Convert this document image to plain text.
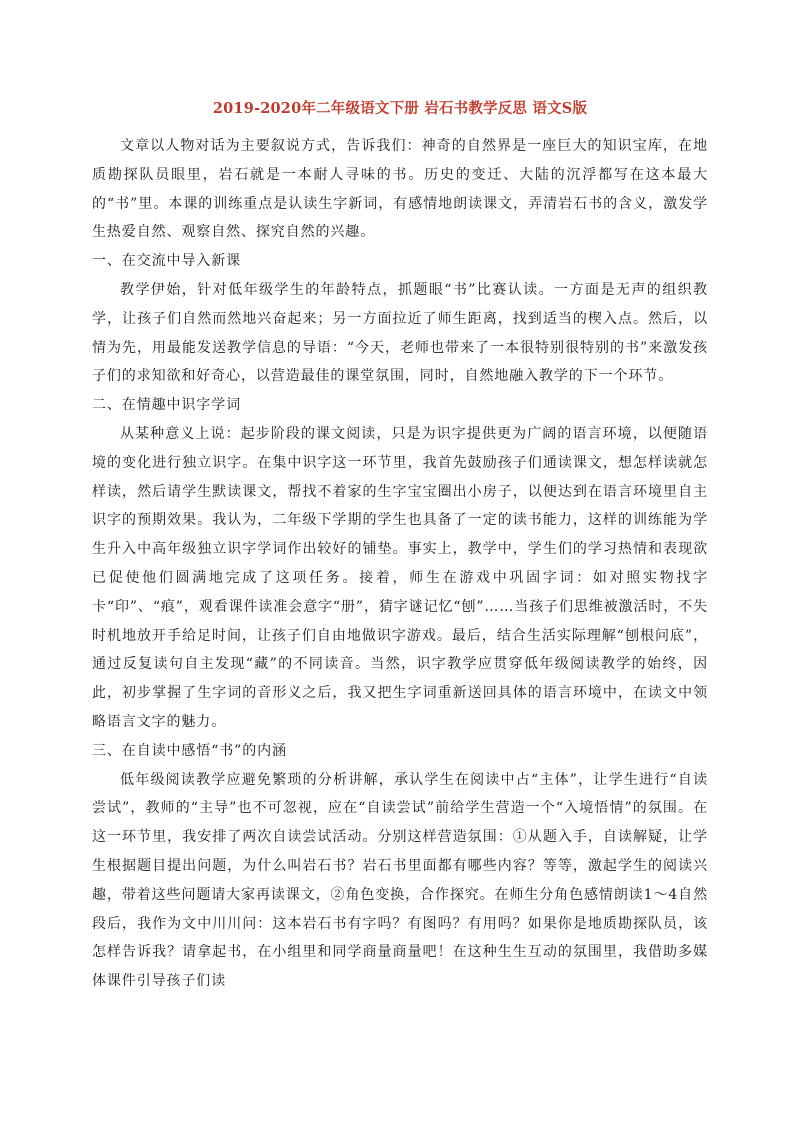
2019-2020年二年级语文下册 岩石书教学反思 语文S版

文章以人物对话为主要叙说方式，告诉我们：神奇的自然界是一座巨大的知识宝库，在地质勘探队员眼里，岩石就是一本耐人寻味的书。历史的变迁、大陆的沉浮都写在这本最大的“书”里。本课的训练重点是认读生字新词，有感情地朗读课文，弄清岩石书的含义，激发学生热爱自然、观察自然、探究自然的兴趣。

一、在交流中导入新课

教学伊始，针对低年级学生的年龄特点，抓题眼“书”比赛认读。一方面是无声的组织教学，让孩子们自然而然地兴奋起来；另一方面拉近了师生距离，找到适当的楔入点。然后，以情为先，用最能发送教学信息的导语：“今天，老师也带来了一本很特别很特别的书”来激发孩子们的求知欲和好奇心，以营造最佳的课堂氛围，同时，自然地融入教学的下一个环节。

二、在情趣中识字学词

从某种意义上说：起步阶段的课文阅读，只是为识字提供更为广阔的语言环境，以便随语境的变化进行独立识字。在集中识字这一环节里，我首先鼓励孩子们通读课文，想怎样读就怎样读，然后请学生默读课文，帮找不着家的生字宝宝圈出小房子，以便达到在语言环境里自主识字的预期效果。我认为，二年级下学期的学生也具备了一定的读书能力，这样的训练能为学生升入中高年级独立识字学词作出较好的铺垫。事实上，教学中，学生们的学习热情和表现欲已促使他们圆满地完成了这项任务。接着，师生在游戏中巩固字词：如对照实物找字卡“印”、“痕”，观看课件读准会意字“册”，猜字谜记忆“刨”……当孩子们思维被激活时，不失时机地放开手给足时间，让孩子们自由地做识字游戏。最后，结合生活实际理解“刨根问底”，通过反复读句自主发现“藏”的不同读音。当然，识字教学应贯穿低年级阅读教学的始终，因此，初步掌握了生字词的音形义之后，我又把生字词重新送回具体的语言环境中，在读文中领略语言文字的魅力。

三、在自读中感悟“书”的内涵

低年级阅读教学应避免繁琐的分析讲解，承认学生在阅读中占“主体”，让学生进行“自读尝试”，教师的“主导”也不可忽视，应在“自读尝试”前给学生营造一个“入境悟情”的氛围。在这一环节里，我安排了两次自读尝试活动。分别这样营造氛围：①从题入手，自读解疑，让学生根据题目提出问题，为什么叫岩石书？岩石书里面都有哪些内容？等等，激起学生的阅读兴趣，带着这些问题请大家再读课文，②角色变换，合作探究。在师生分角色感情朗读1～4自然段后，我作为文中川川问：这本岩石书有字吗？有图吗？有用吗？如果你是地质勘探队员，该怎样告诉我？请拿起书，在小组里和同学商量商量吧！在这种生生互动的氛围里，我借助多媒体课件引导孩子们读
